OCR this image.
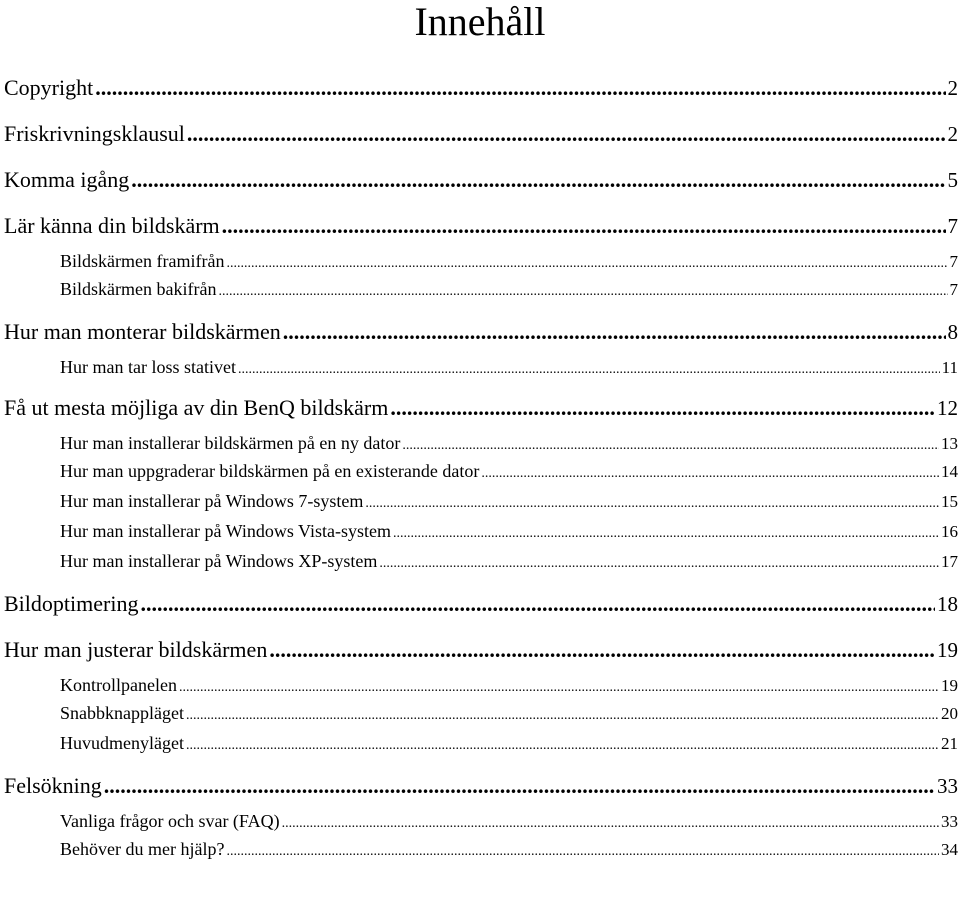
Innehåll
Copyright .....	2
Friskrivningsklausul .....	2
Komma igång .....	5
Lär känna din bildskärm .....	7
Bildskärmen framifrån .....	7
Bildskärmen bakifrån .....	7
Hur man monterar bildskärmen .....	8
Hur man tar loss stativet .....	11
Få ut mesta möjliga av din BenQ bildskärm .....	12
Hur man installerar bildskärmen på en ny dator .....	13
Hur man uppgraderar bildskärmen på en existerande dator .....	14
Hur man installerar på Windows 7-system .....	15
Hur man installerar på Windows Vista-system .....	16
Hur man installerar på Windows XP-system .....	17
Bildoptimering .....	18
Hur man justerar bildskärmen .....	19
Kontrollpanelen .....	19
Snabbknappläget .....	20
Huvudmenyläget .....	21
Felsökning .....	33
Vanliga frågor och svar (FAQ) .....	33
Behöver du mer hjälp? .....	34
